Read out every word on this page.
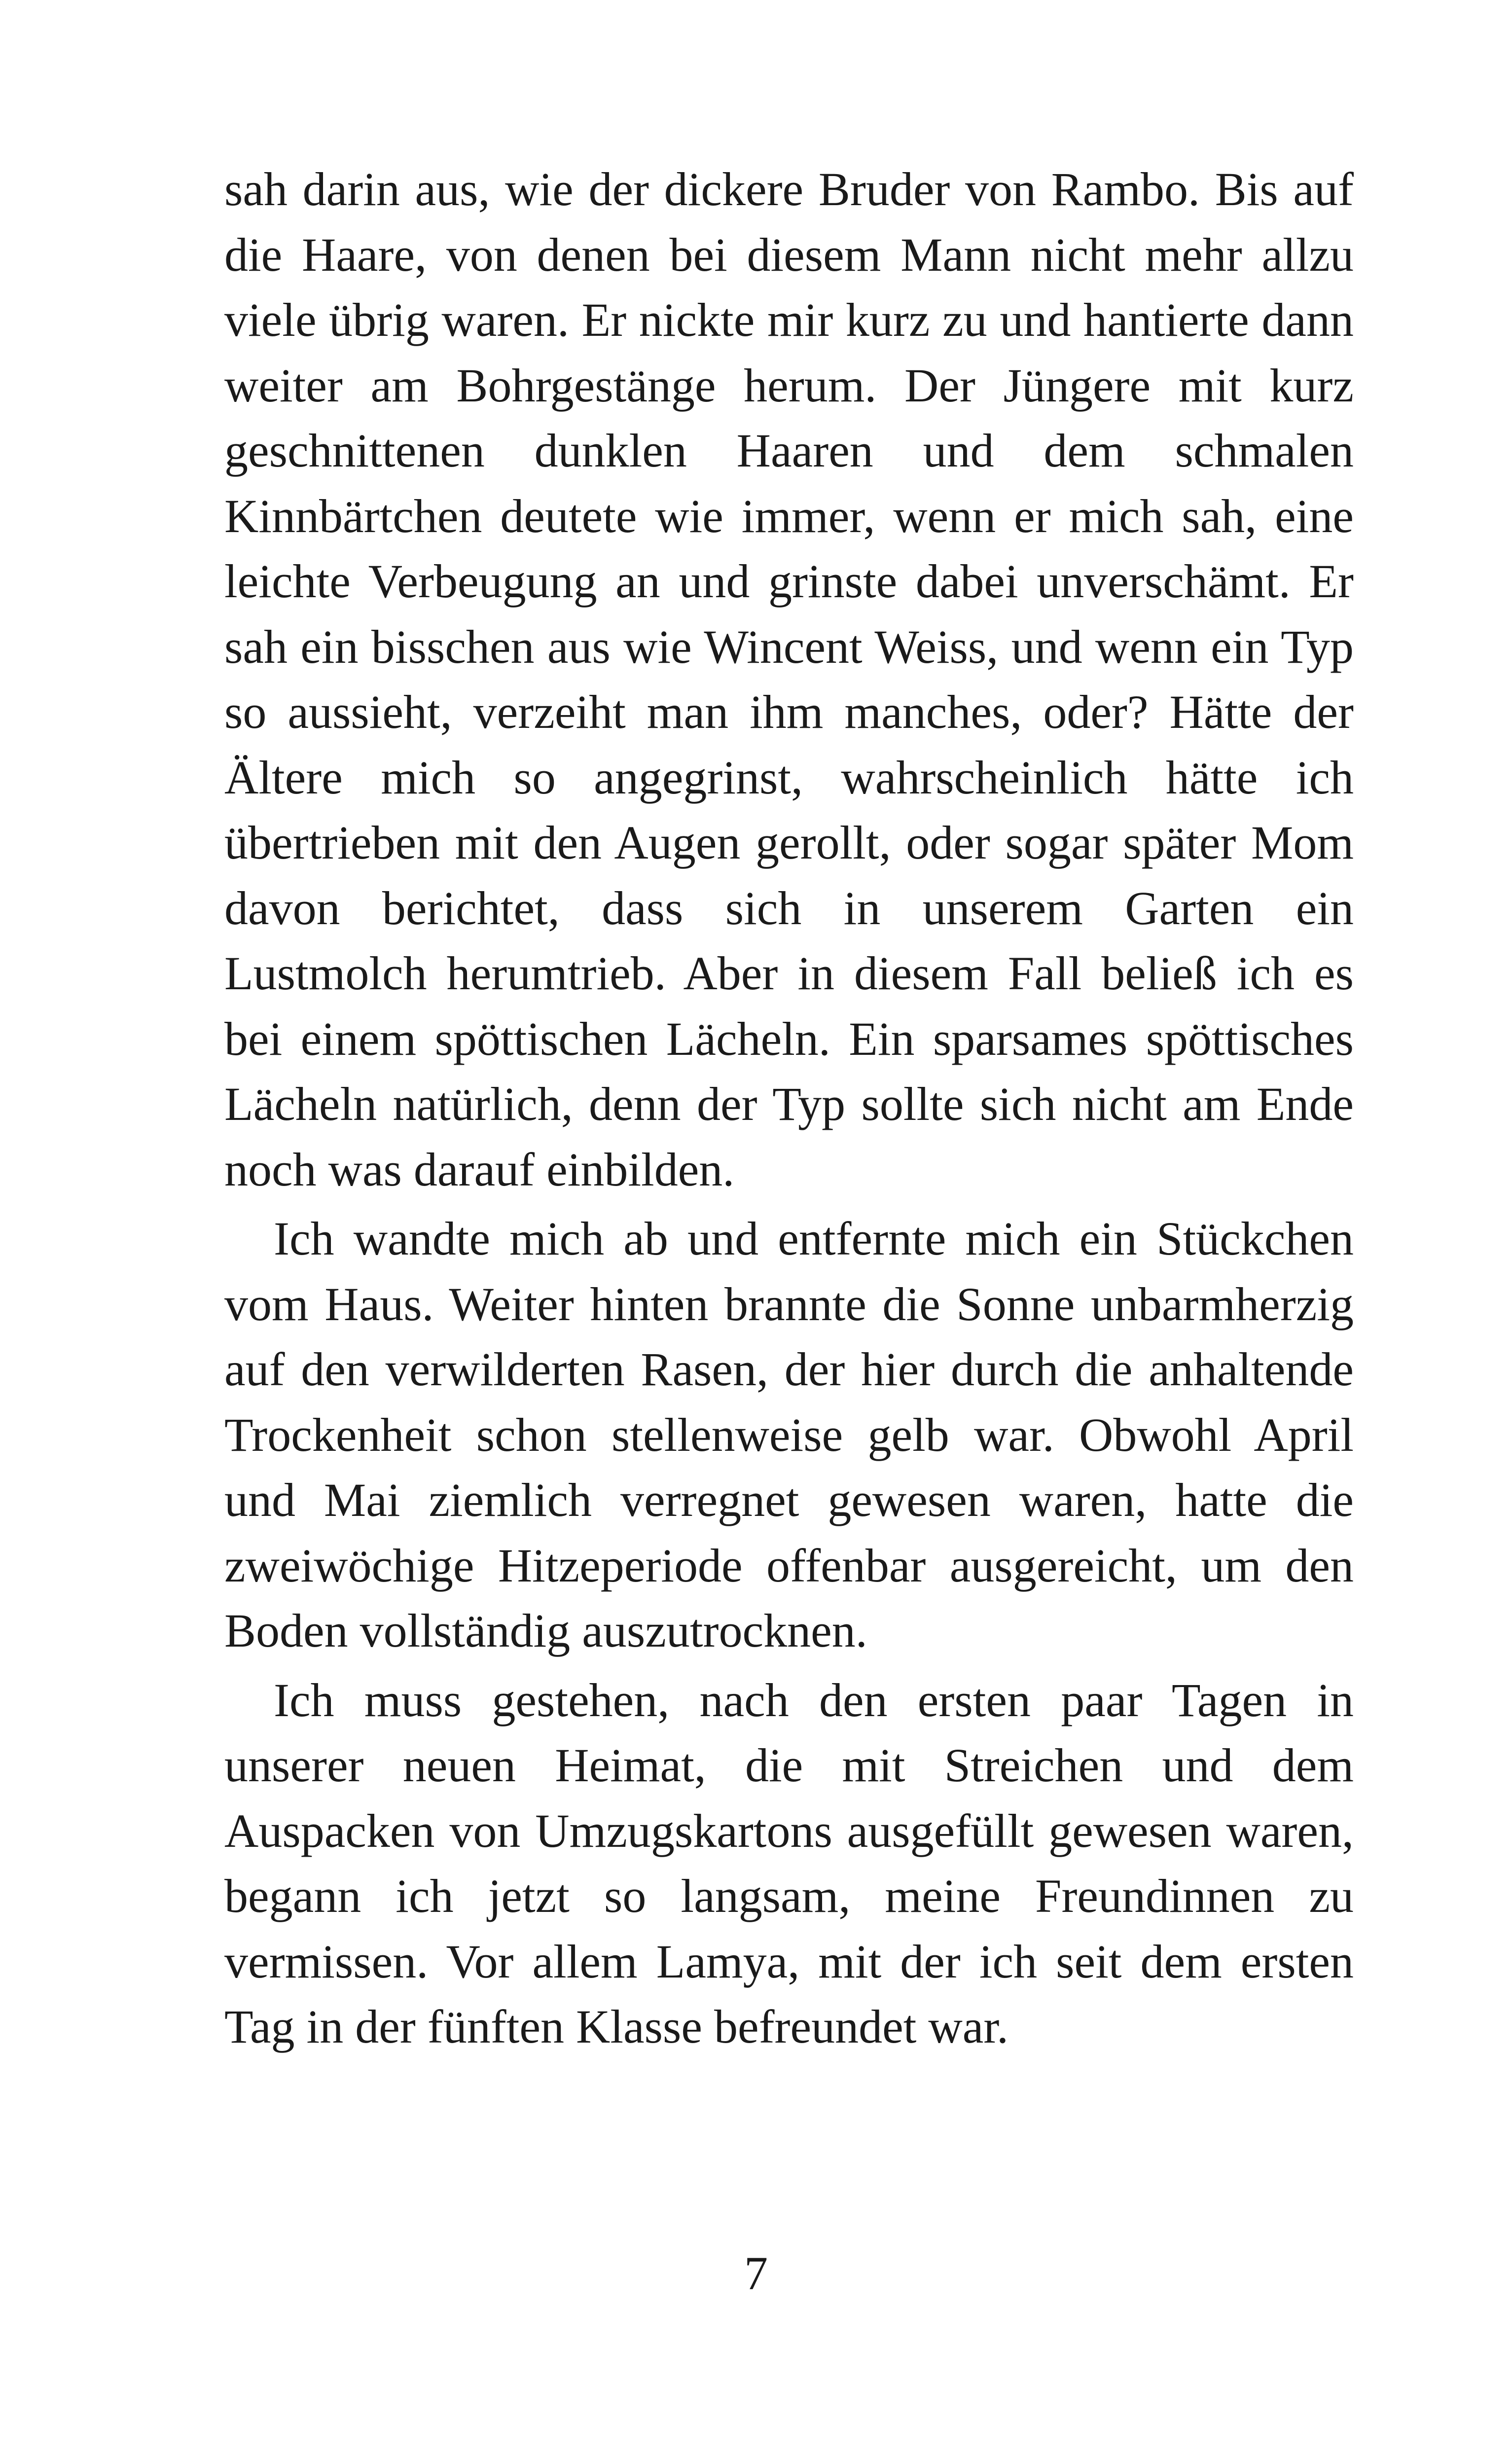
sah darin aus, wie der dickere Bruder von Rambo. Bis auf die Haare, von denen bei diesem Mann nicht mehr allzu viele übrig waren. Er nickte mir kurz zu und hantierte dann weiter am Bohrgestänge herum. Der Jüngere mit kurz geschnittenen dunklen Haaren und dem schmalen Kinnbärtchen deutete wie immer, wenn er mich sah, eine leichte Verbeugung an und grinste dabei unverschämt. Er sah ein bisschen aus wie Wincent Weiss, und wenn ein Typ so aussieht, verzeiht man ihm manches, oder? Hätte der Ältere mich so angegrinst, wahrscheinlich hätte ich übertrieben mit den Augen gerollt, oder sogar später Mom davon berichtet, dass sich in unserem Garten ein Lustmolch herumtrieb. Aber in diesem Fall beließ ich es bei einem spöttischen Lächeln. Ein sparsames spöttisches Lächeln natürlich, denn der Typ sollte sich nicht am Ende noch was darauf einbilden.

Ich wandte mich ab und entfernte mich ein Stückchen vom Haus. Weiter hinten brannte die Sonne unbarmherzig auf den verwilderten Rasen, der hier durch die anhaltende Trockenheit schon stellenweise gelb war. Obwohl April und Mai ziemlich verregnet gewesen waren, hatte die zweiwöchige Hitzeperiode offenbar ausgereicht, um den Boden vollständig auszutrocknen.

Ich muss gestehen, nach den ersten paar Tagen in unserer neuen Heimat, die mit Streichen und dem Auspacken von Umzugskartons ausgefüllt gewesen waren, begann ich jetzt so langsam, meine Freundinnen zu vermissen. Vor allem Lamya, mit der ich seit dem ersten Tag in der fünften Klasse befreundet war.

7
